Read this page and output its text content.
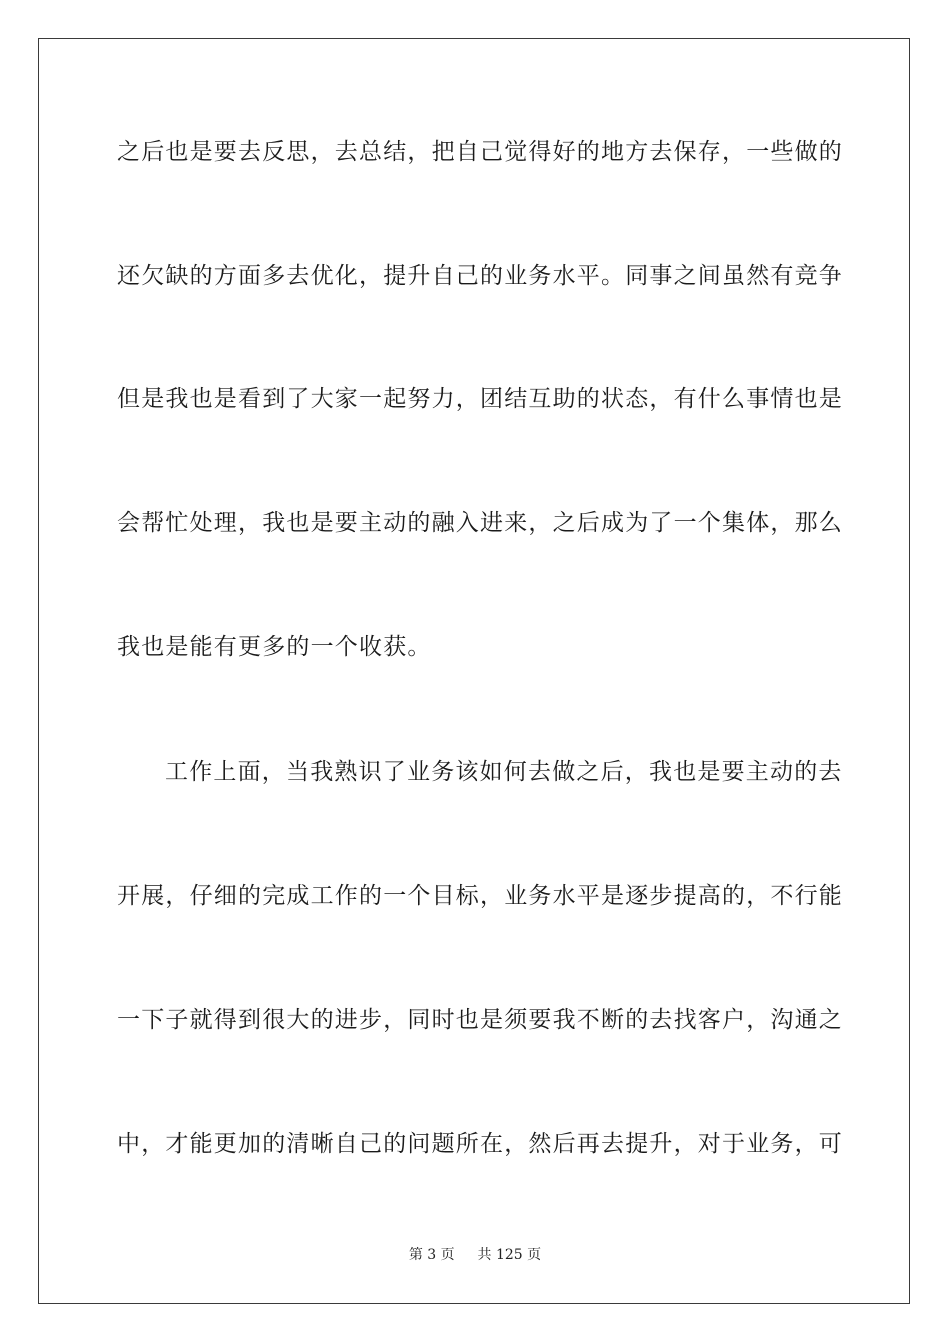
之后也是要去反思，去总结，把自己觉得好的地方去保存，一些做的
还欠缺的方面多去优化，提升自己的业务水平。同事之间虽然有竞争
但是我也是看到了大家一起努力，团结互助的状态，有什么事情也是
会帮忙处理，我也是要主动的融入进来，之后成为了一个集体，那么
我也是能有更多的一个收获。
工作上面，当我熟识了业务该如何去做之后，我也是要主动的去
开展，仔细的完成工作的一个目标，业务水平是逐步提高的，不行能
一下子就得到很大的进步，同时也是须要我不断的去找客户，沟通之
中，才能更加的清晰自己的问题所在，然后再去提升，对于业务，可
第 3 页 共 125 页
